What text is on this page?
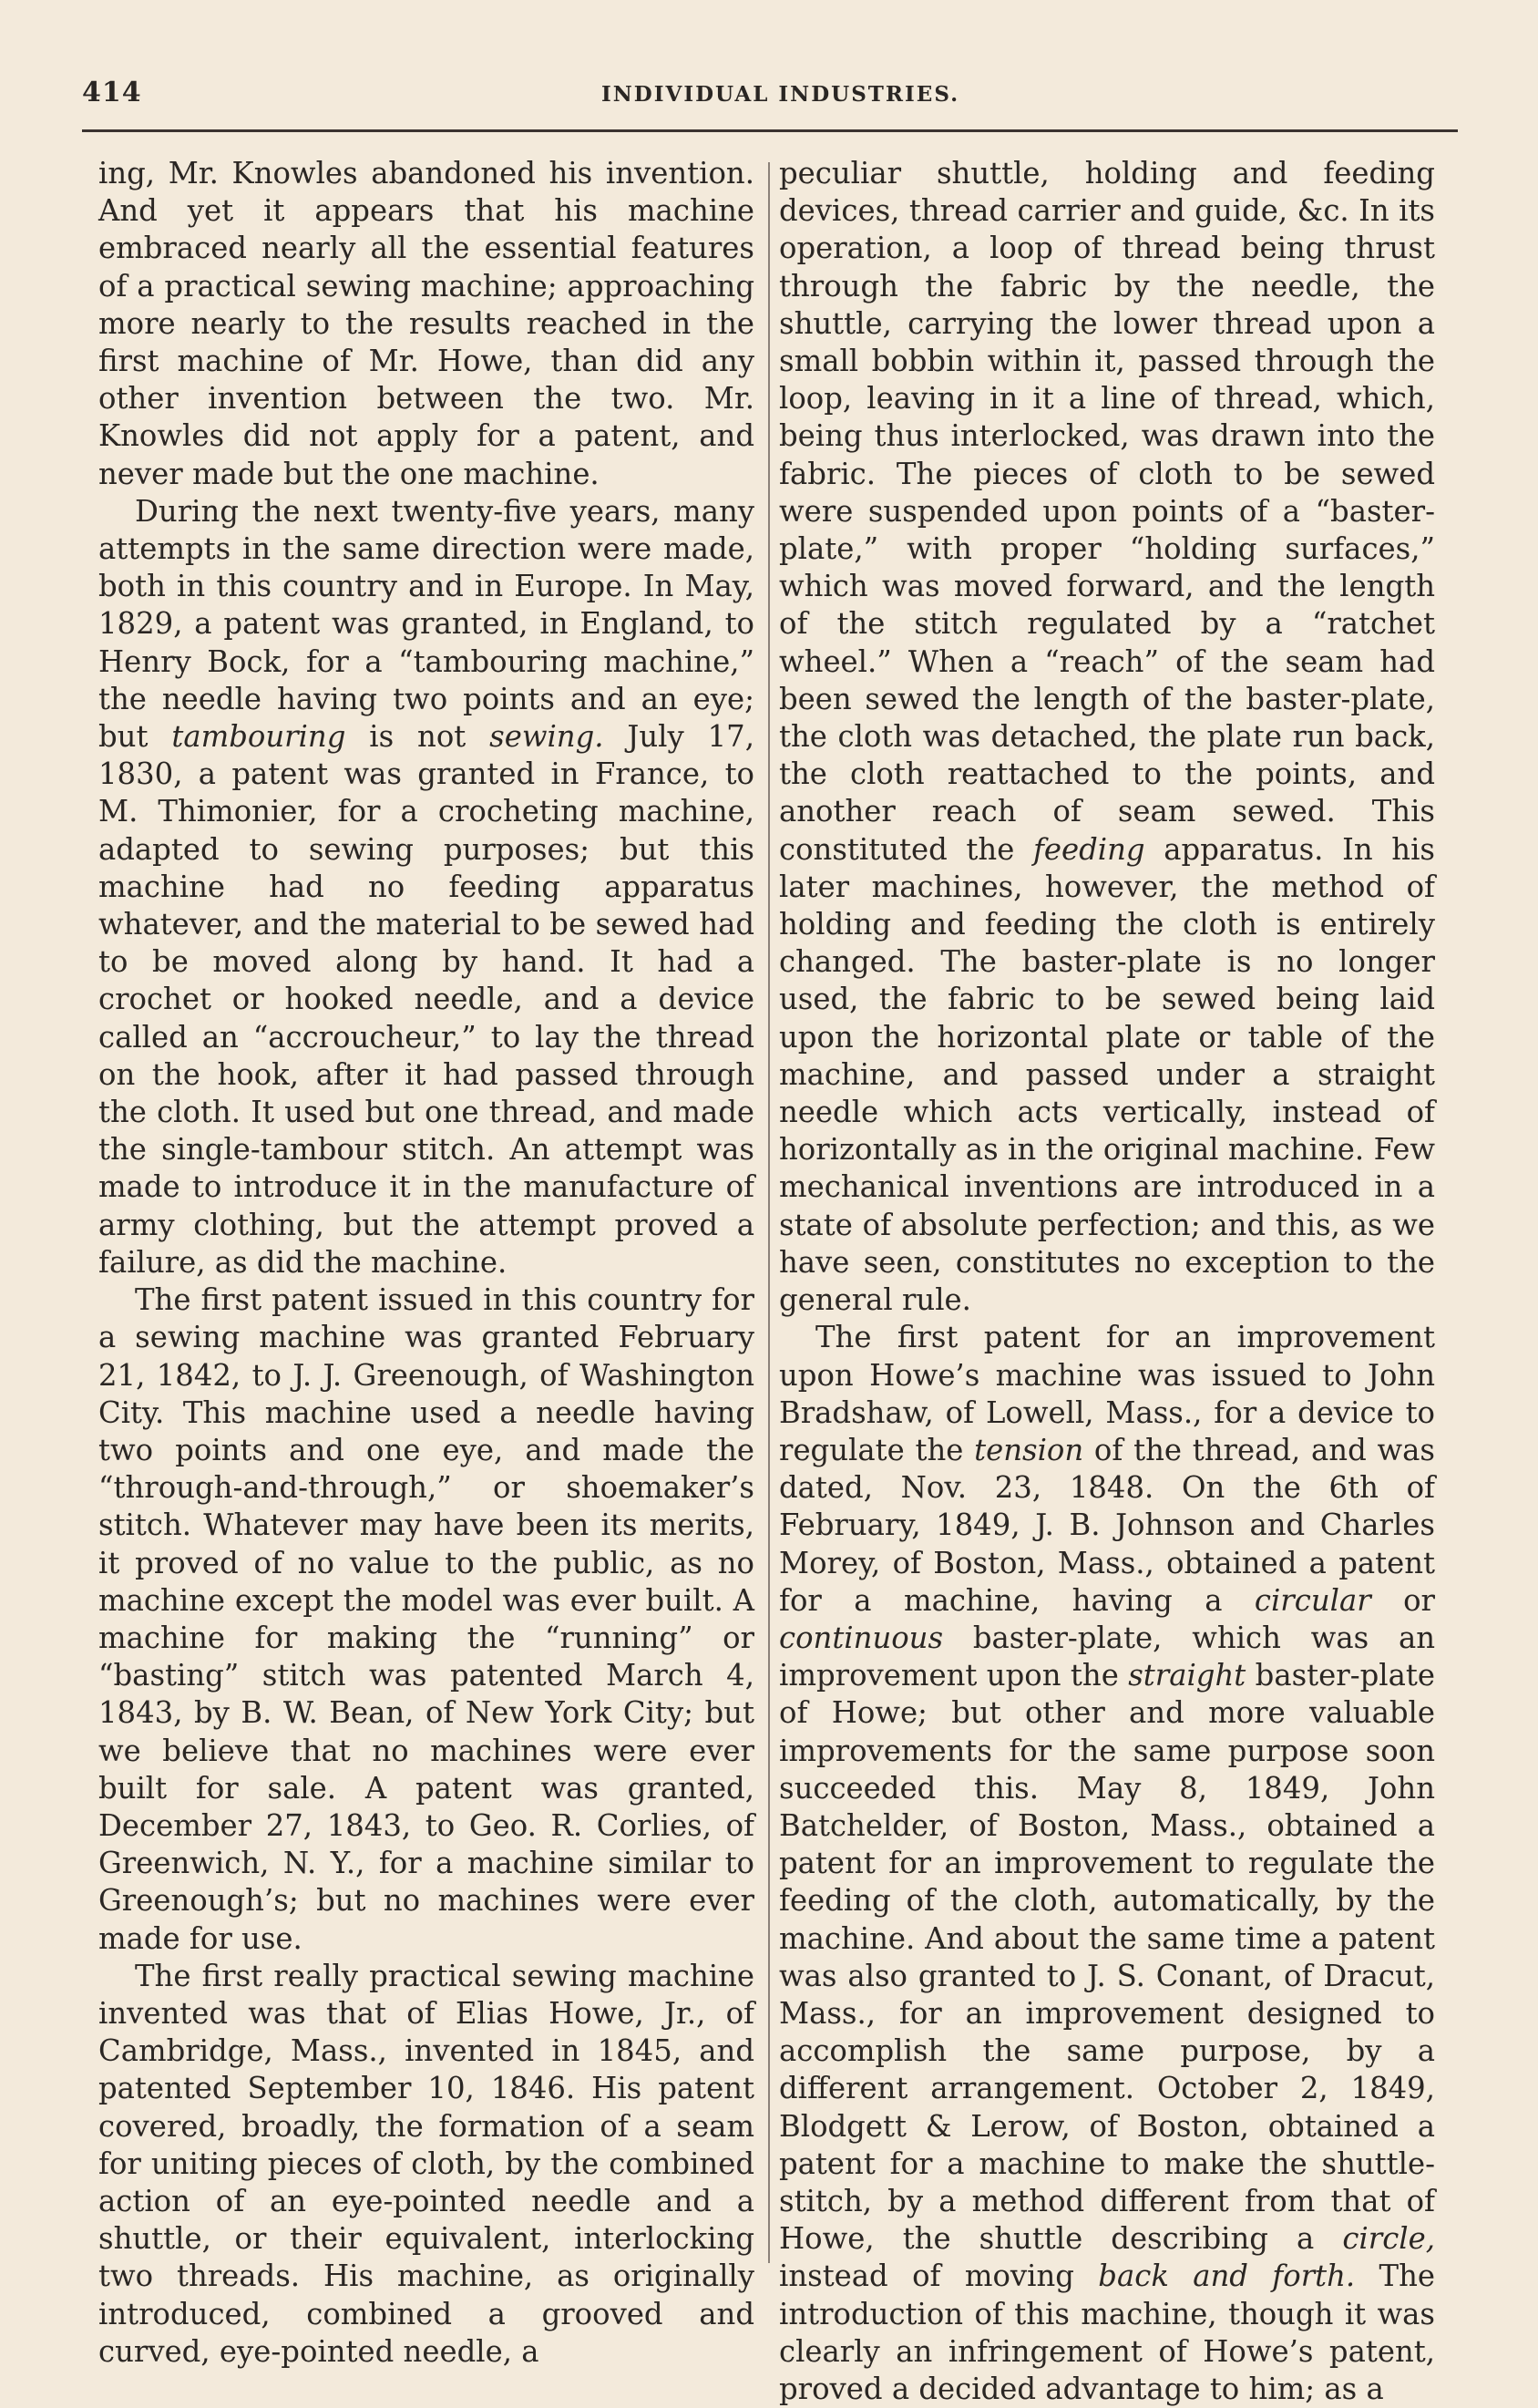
414	INDIVIDUAL INDUSTRIES.

ing, Mr. Knowles abandoned his invention. And yet it appears that his machine embraced nearly all the essential features of a practical sewing machine; approaching more nearly to the results reached in the first machine of Mr. Howe, than did any other invention between the two. Mr. Knowles did not apply for a patent, and never made but the one machine.

During the next twenty-five years, many attempts in the same direction were made, both in this country and in Europe. In May, 1829, a patent was granted, in England, to Henry Bock, for a “tambouring machine,” the needle having two points and an eye; but tambouring is not sewing. July 17, 1830, a patent was granted in France, to M. Thimonier, for a crocheting machine, adapted to sewing purposes; but this machine had no feeding apparatus whatever, and the material to be sewed had to be moved along by hand. It had a crochet or hooked needle, and a device called an “accroucheur,” to lay the thread on the hook, after it had passed through the cloth. It used but one thread, and made the single-tambour stitch. An attempt was made to introduce it in the manufacture of army clothing, but the attempt proved a failure, as did the machine.

The first patent issued in this country for a sewing machine was granted February 21, 1842, to J. J. Greenough, of Washington City. This machine used a needle having two points and one eye, and made the “through-and-through,” or shoemaker’s stitch. Whatever may have been its merits, it proved of no value to the public, as no machine except the model was ever built. A machine for making the “running” or “basting” stitch was patented March 4, 1843, by B. W. Bean, of New York City; but we believe that no machines were ever built for sale. A patent was granted, December 27, 1843, to Geo. R. Corlies, of Greenwich, N. Y., for a machine similar to Greenough’s; but no machines were ever made for use.

The first really practical sewing machine invented was that of Elias Howe, Jr., of Cambridge, Mass., invented in 1845, and patented September 10, 1846. His patent covered, broadly, the formation of a seam for uniting pieces of cloth, by the combined action of an eye-pointed needle and a shuttle, or their equivalent, interlocking two threads. His machine, as originally introduced, combined a grooved and curved, eye-pointed needle, a

peculiar shuttle, holding and feeding devices, thread carrier and guide, &c. In its operation, a loop of thread being thrust through the fabric by the needle, the shuttle, carrying the lower thread upon a small bobbin within it, passed through the loop, leaving in it a line of thread, which, being thus interlocked, was drawn into the fabric. The pieces of cloth to be sewed were suspended upon points of a “baster-plate,” with proper “holding surfaces,” which was moved forward, and the length of the stitch regulated by a “ratchet wheel.” When a “reach” of the seam had been sewed the length of the baster-plate, the cloth was detached, the plate run back, the cloth reattached to the points, and another reach of seam sewed. This constituted the feeding apparatus. In his later machines, however, the method of holding and feeding the cloth is entirely changed. The baster-plate is no longer used, the fabric to be sewed being laid upon the horizontal plate or table of the machine, and passed under a straight needle which acts vertically, instead of horizontally as in the original machine. Few mechanical inventions are introduced in a state of absolute perfection; and this, as we have seen, constitutes no exception to the general rule.

The first patent for an improvement upon Howe’s machine was issued to John Bradshaw, of Lowell, Mass., for a device to regulate the tension of the thread, and was dated, Nov. 23, 1848. On the 6th of February, 1849, J. B. Johnson and Charles Morey, of Boston, Mass., obtained a patent for a machine, having a circular or continuous baster-plate, which was an improvement upon the straight baster-plate of Howe; but other and more valuable improvements for the same purpose soon succeeded this. May 8, 1849, John Batchelder, of Boston, Mass., obtained a patent for an improvement to regulate the feeding of the cloth, automatically, by the machine. And about the same time a patent was also granted to J. S. Conant, of Dracut, Mass., for an improvement designed to accomplish the same purpose, by a different arrangement. October 2, 1849, Blodgett & Lerow, of Boston, obtained a patent for a machine to make the shuttle-stitch, by a method different from that of Howe, the shuttle describing a circle, instead of moving back and forth. The introduction of this machine, though it was clearly an infringement of Howe’s patent, proved a decided advantage to him; as a
